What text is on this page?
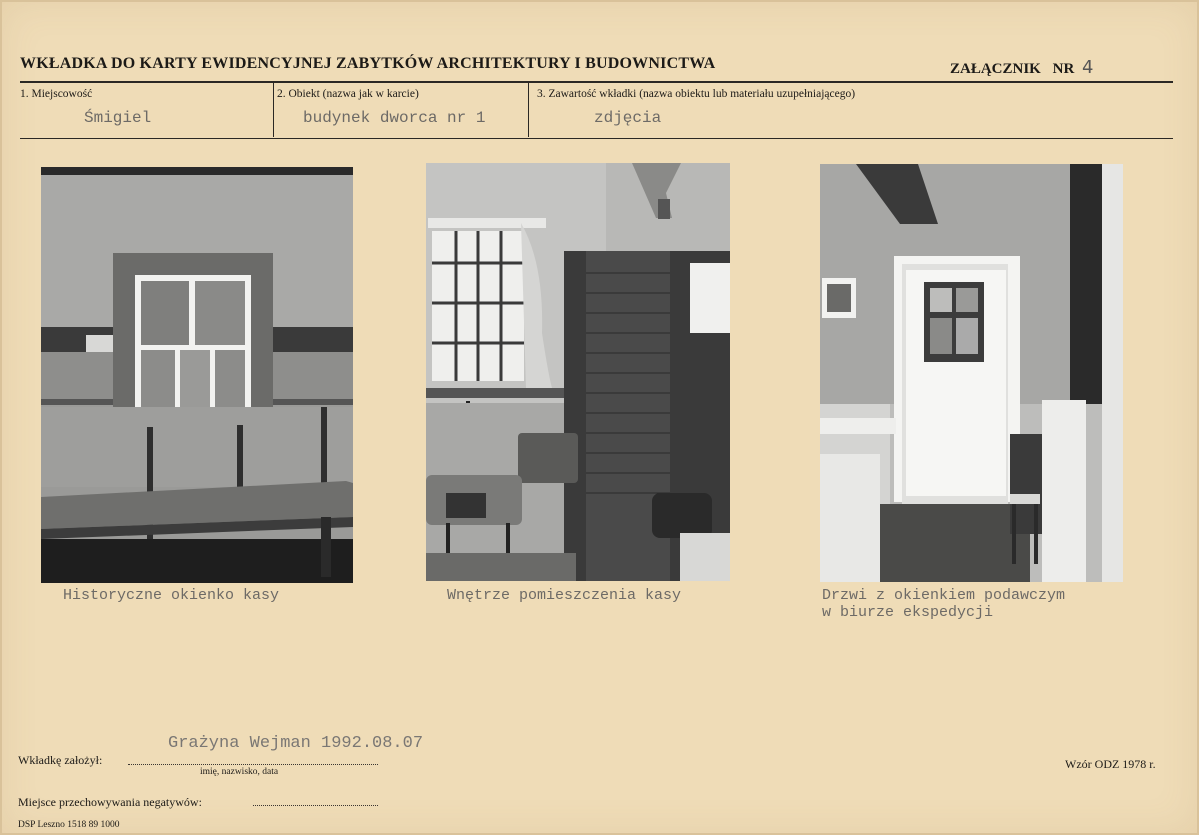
WKŁADKA DO KARTY EWIDENCYJNEJ ZABYTKÓW ARCHITEKTURY I BUDOWNICTWA	ZAŁĄCZNIK NR 4
1. Miejscowość
Śmigiel
2. Obiekt (nazwa jak w karcie)
budynek dworca nr 1
3. Zawartość wkładki (nazwa obiektu lub materiału uzupełniającego)
zdjęcia
Historyczne okienko kasy	Wnętrze pomieszczenia kasy	Drzwi z okienkiem podawczym
w biurze ekspedycji
Grażyna Wejman 1992.08.07
Wkładkę założył:
imię, nazwisko, data
Wzór ODZ 1978 r.
Miejsce przechowywania negatywów:
DSP Leszno 1518 89 1000
